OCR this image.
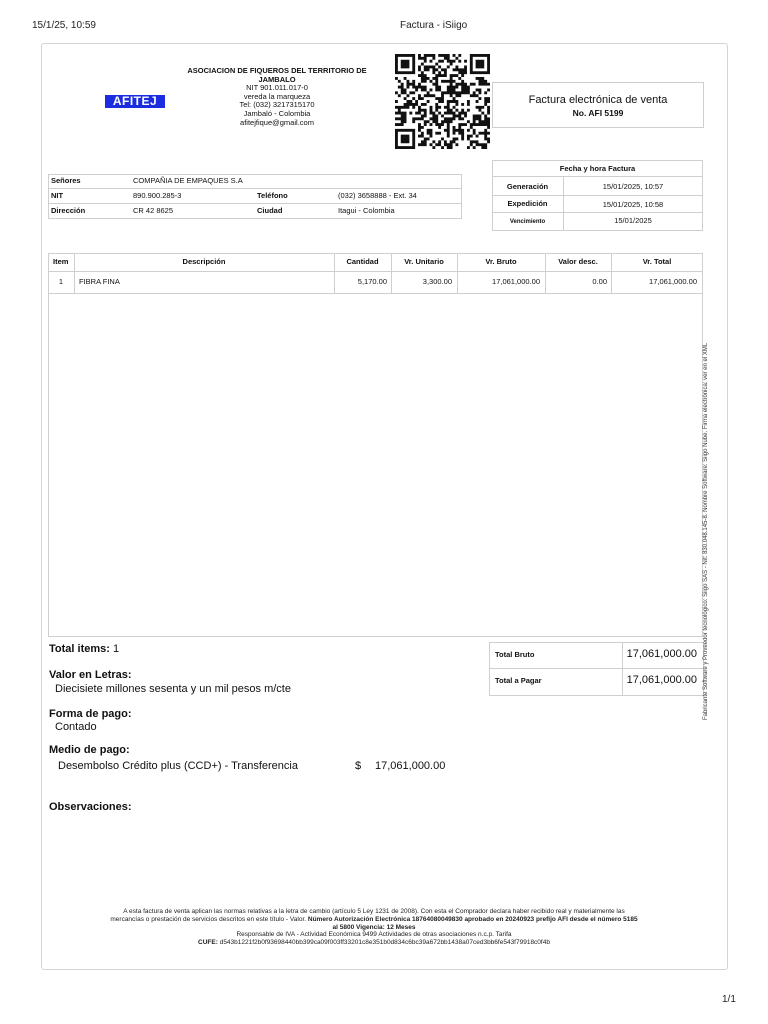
15/1/25, 10:59	Factura - iSiigo
1/1
AFITEJ
ASOCIACION DE FIQUEROS DEL TERRITORIO DE
JAMBALO
NIT 901.011.017-0
vereda la marqueza
Tel: (032) 3217315170
Jambaló - Colombia
afitejfique@gmail.com
Factura electrónica de venta
No. AFI 5199
Fecha y hora Factura
Generación	15/01/2025, 10:57
Expedición	15/01/2025, 10:58
Vencimiento	15/01/2025
Señores	COMPAÑIA DE EMPAQUES S.A
NIT	890.900.285-3	Teléfono	(032) 3658888 - Ext. 34
Dirección	CR 42 8625	Ciudad	Itagui - Colombia
Item	Descripción	Cantidad	Vr. Unitario	Vr. Bruto	Valor desc.	Vr. Total
1	FIBRA FINA	5,170.00	3,300.00	17,061,000.00	0.00	17,061,000.00
Total items: 1
Valor en Letras:
Diecisiete millones sesenta y un mil pesos m/cte
Forma de pago:
Contado
Medio de pago:
Desembolso Crédito plus (CCD+) - Transferencia	$ 17,061,000.00
Observaciones:
Total Bruto	17,061,000.00
Total a Pagar	17,061,000.00 Fabricante Software y Proveedor tecnológico: Siigo SAS - Nit: 830.048.145-8. Nombre Software: Siigo Nube. Firma electrónica: ver en el XML
A esta factura de venta aplican las normas relativas a la letra de cambio (artículo 5 Ley 1231 de 2008). Con esta el Comprador declara haber recibido real y materialmente las
mercancías o prestación de servicios descritos en este título - Valor. Número Autorización Electrónica 18764080049830 aprobado en 20240923 prefijo AFI desde el número 5185
al 5800 Vigencia: 12 Meses
Responsable de IVA - Actividad Económica 9499 Actividades de otras asociaciones n.c.p. Tarifa
CUFE: d543b1221f2b0f93698440bb399ca09f003ff33201c8e351b0d834c6bc39a672bb1438a07ced3bb6fe543f79918c0f4b
